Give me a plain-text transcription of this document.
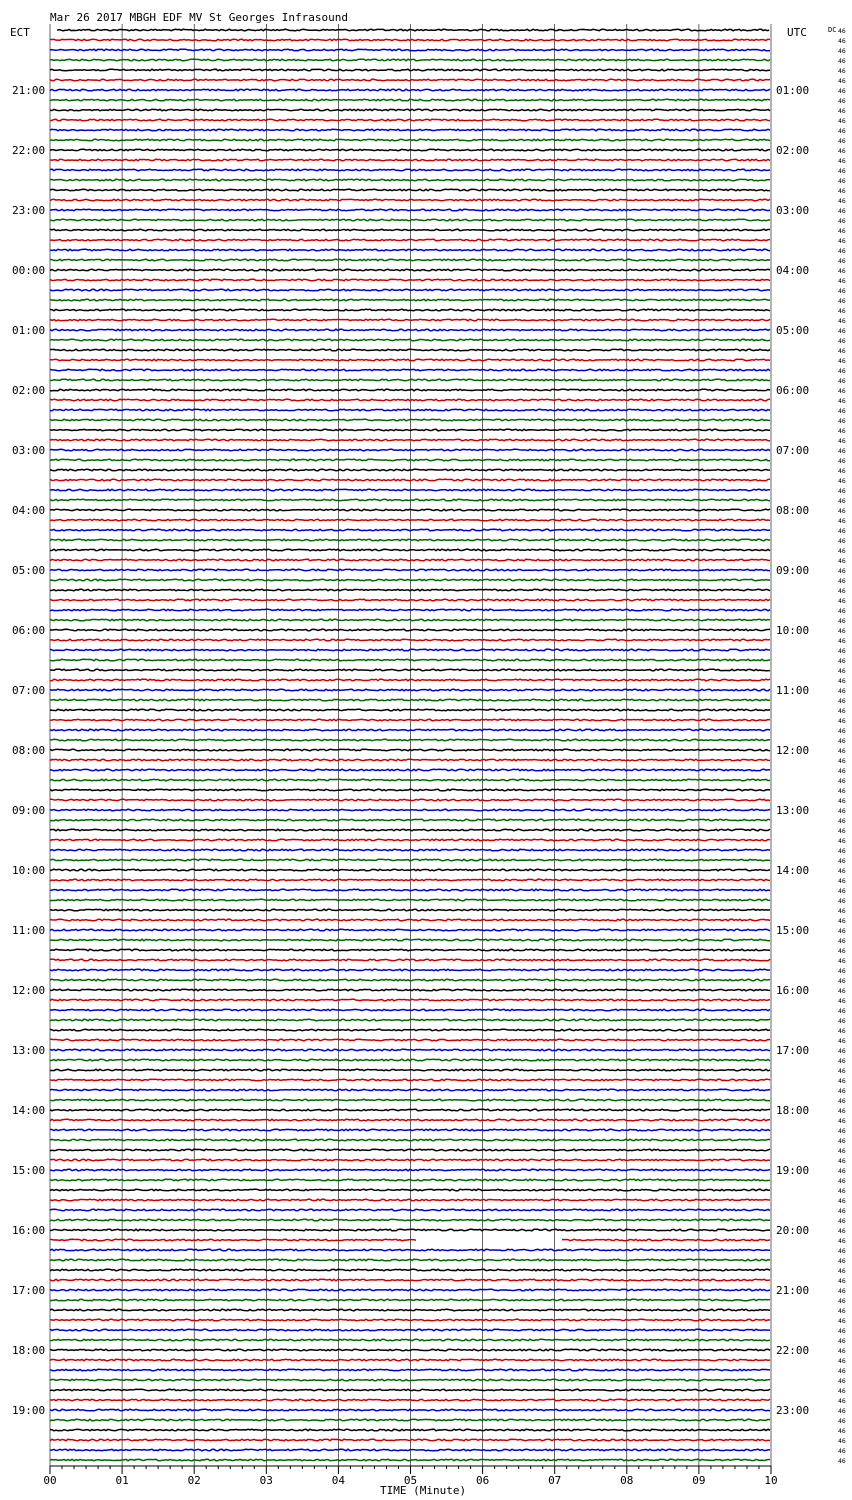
Mar 26 2017 MBGH EDF MV St Georges Infrasound
ECT	UTC	DC
TIME (Minute)
21:00
22:00
23:00
00:00
01:00
02:00
03:00
04:00
05:00
06:00
07:00
08:00
09:00
10:00
11:00
12:00
13:00
14:00
15:00
16:00
17:00
18:00
19:00
01:00
02:00
03:00
04:00
05:00
06:00
07:00
08:00
09:00
10:00
11:00
12:00
13:00
14:00
15:00
16:00
17:00
18:00
19:00
20:00
21:00
22:00
23:00
46
46
46
46
46
46
46
46
46
46
46
46
46
46
46
46
46
46
46
46
46
46
46
46
46
46
46
46
46
46
46
46
46
46
46
46
46
46
46
46
46
46
46
46
46
46
46
46
46
46
46
46
46
46
46
46
46
46
46
46
46
46
46
46
46
46
46
46
46
46
46
46
46
46
46
46
46
46
46
46
46
46
46
46
46
46
46
46
46
46
46
46
46
46
46
46
46
46
46
46
46
46
46
46
46
46
46
46
46
46
46
46
46
46
46
46
46
46
46
46
46
46
46
46
46
46
46
46
46
46
46
46
46
46
46
46
46
46
46
46
46
46
46
46
00	01	02	03	04	05	06	07	08	09	10
